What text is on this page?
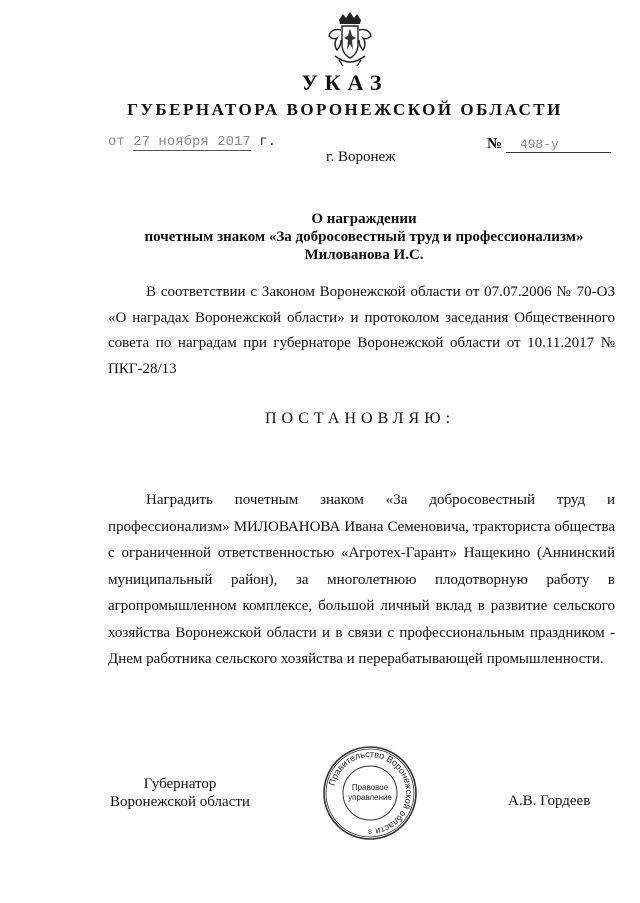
УКАЗ
ГУБЕРНАТОРА ВОРОНЕЖСКОЙ ОБЛАСТИ
от 27 ноября 2017 г.	№ 498-у
г. Воронеж
О награждении
почетным знаком «За добросовестный труд и профессионализм»
Милованова И.С.
В соответствии с Законом Воронежской области от 07.07.2006 № 70-ОЗ «О наградах Воронежской области» и протоколом заседания Общественного совета по наградам при губернаторе Воронежской области от 10.11.2017 № ПКГ-28/13
ПОСТАНОВЛЯЮ:
Наградить почетным знаком «За добросовестный труд и профессионализм» МИЛОВАНОВА Ивана Семеновича, тракториста общества с ограниченной ответственностью «Агротех-Гарант» Нащекино (Аннинский муниципальный район), за многолетнюю плодотворную работу в агропромышленном комплексе, большой личный вклад в развитие сельского хозяйства Воронежской области и в связи с профессиональным праздником - Днем работника сельского хозяйства и перерабатывающей промышленности.
Губернатор
Воронежской области
Правительство Воронежской области
Правовое
управление
8
А.В. Гордеев
